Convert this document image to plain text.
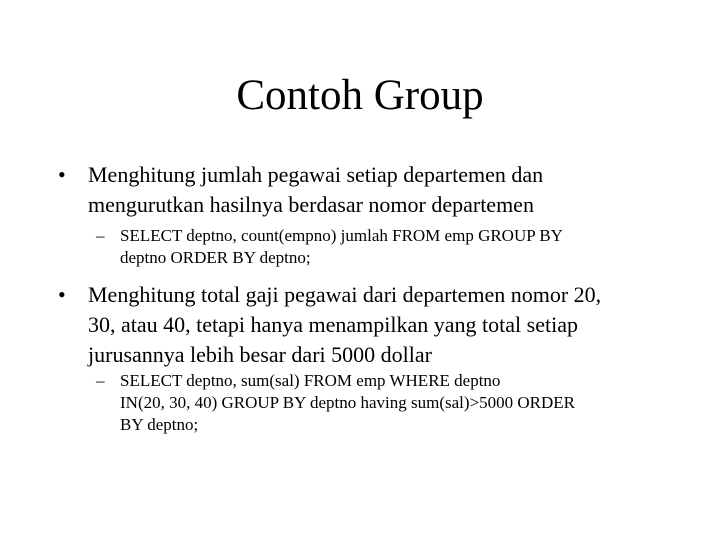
Contoh Group
• Menghitung jumlah pegawai setiap departemen dan
mengurutkan hasilnya berdasar nomor departemen

– SELECT deptno, count(empno) jumlah FROM emp GROUP BY
deptno ORDER BY deptno;

• Menghitung total gaji pegawai dari departemen nomor 20,
30, atau 40, tetapi hanya menampilkan yang total setiap
jurusannya lebih besar dari 5000 dollar

– SELECT deptno, sum(sal) FROM emp WHERE deptno
IN(20, 30, 40) GROUP BY deptno having sum(sal)>5000 ORDER
BY deptno;
